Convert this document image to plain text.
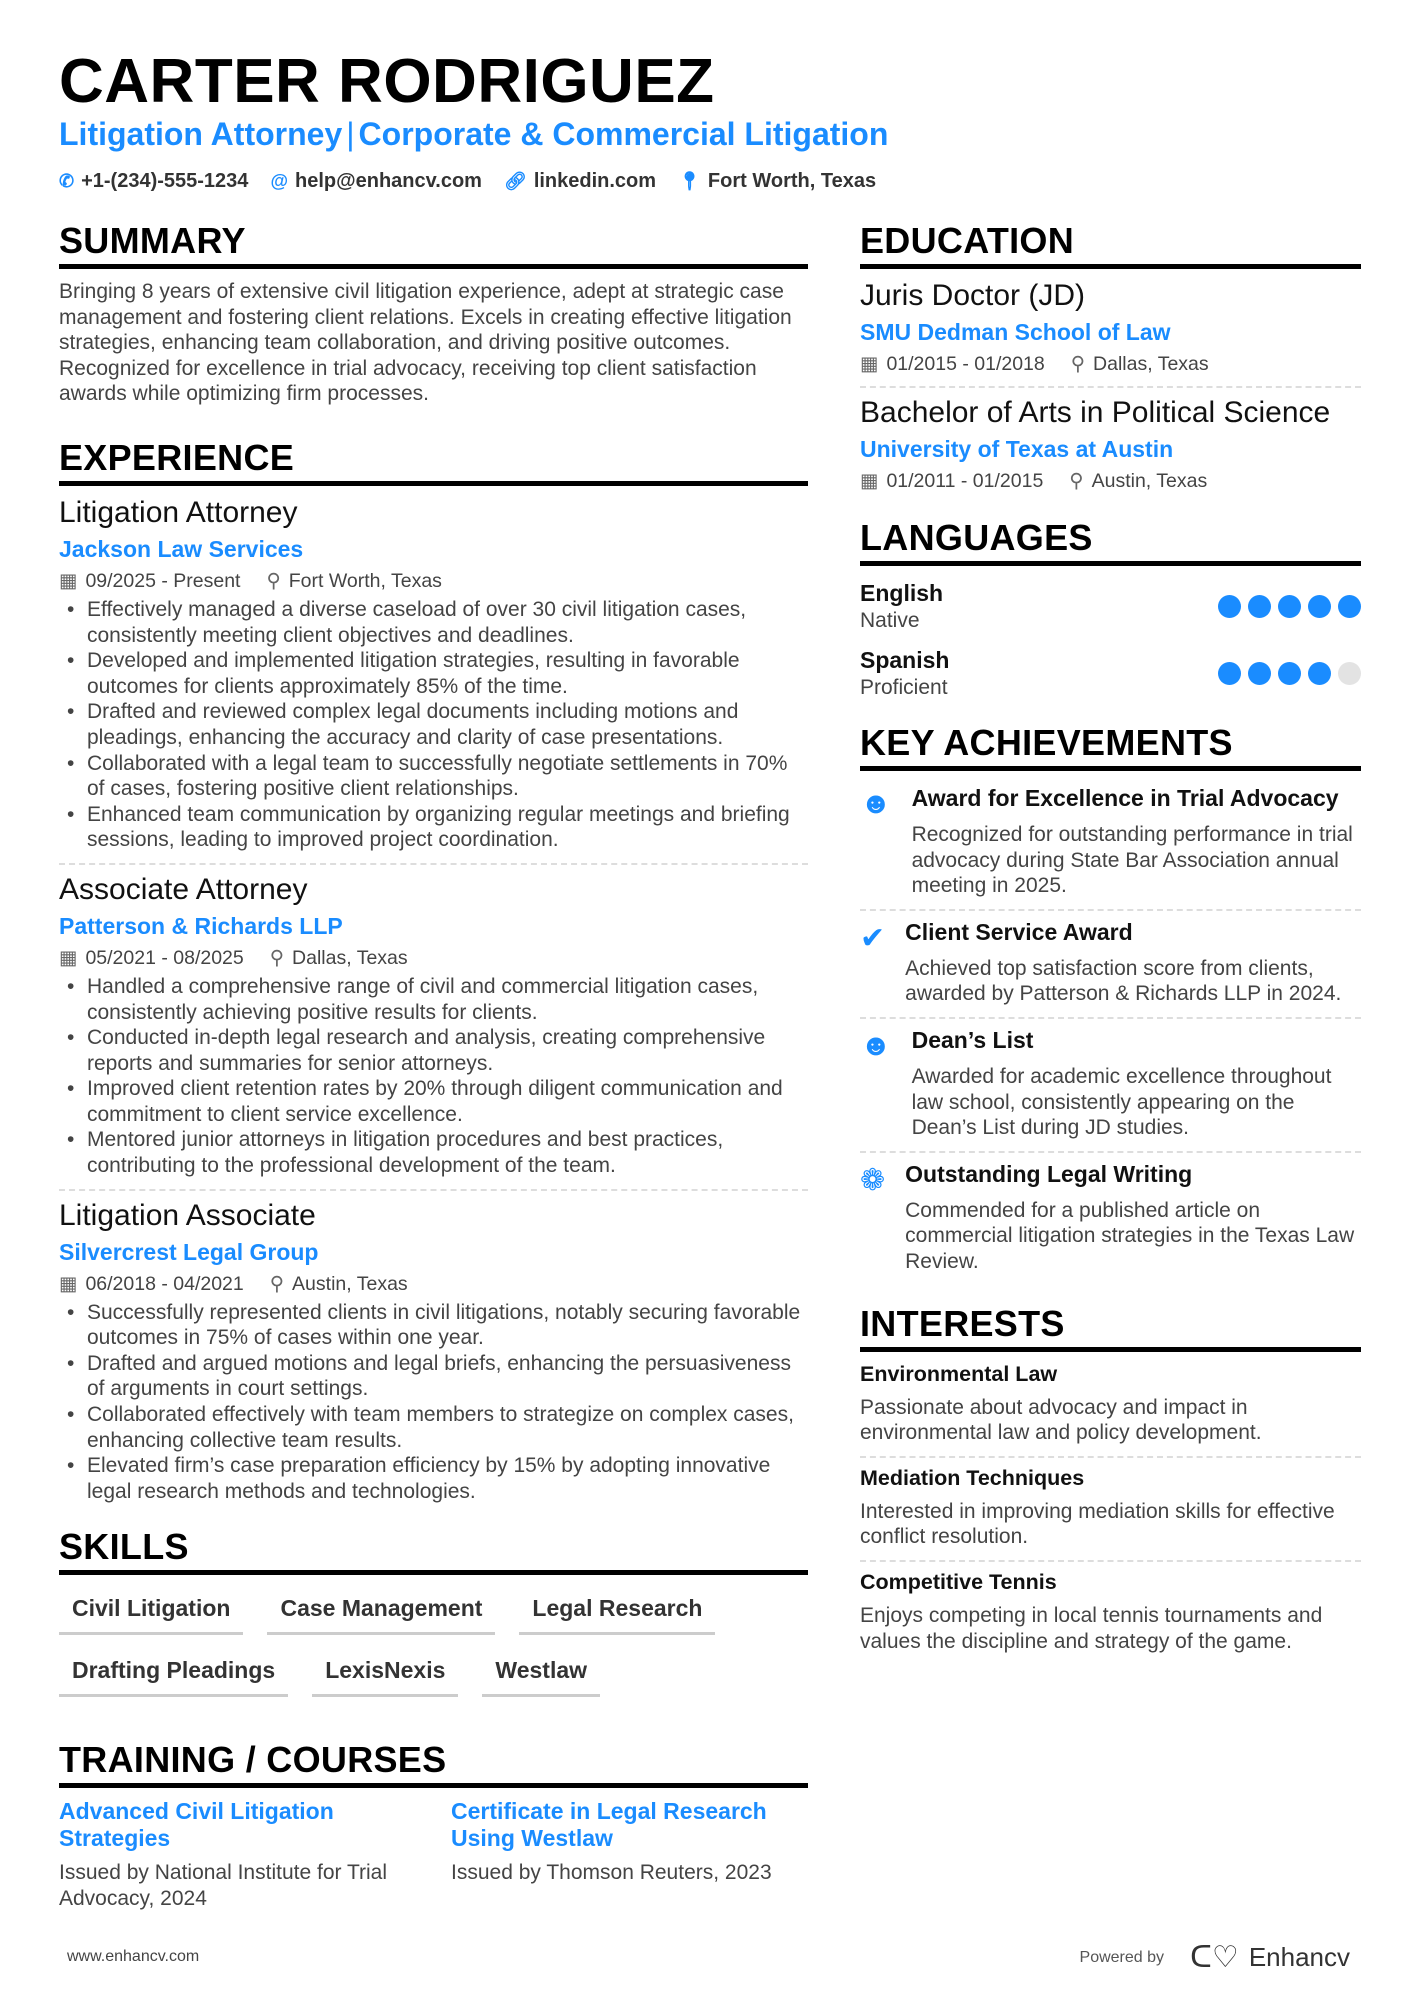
CARTER RODRIGUEZ
Litigation Attorney | Corporate & Commercial Litigation
✆ +1-(234)-555-1234 @ help@enhancv.com 🔗︎ linkedin.com 📍︎ Fort Worth, Texas
SUMMARY
Bringing 8 years of extensive civil litigation experience, adept at strategic case management and fostering client relations. Excels in creating effective litigation strategies, enhancing team collaboration, and driving positive outcomes. Recognized for excellence in trial advocacy, receiving top client satisfaction awards while optimizing firm processes.
EXPERIENCE
Litigation Attorney
Jackson Law Services
▦ 09/2025 - Present ⚲ Fort Worth, Texas
• Effectively managed a diverse caseload of over 30 civil litigation cases, consistently meeting client objectives and deadlines.
• Developed and implemented litigation strategies, resulting in favorable outcomes for clients approximately 85% of the time.
• Drafted and reviewed complex legal documents including motions and pleadings, enhancing the accuracy and clarity of case presentations.
• Collaborated with a legal team to successfully negotiate settlements in 70% of cases, fostering positive client relationships.
• Enhanced team communication by organizing regular meetings and briefing sessions, leading to improved project coordination.
Associate Attorney
Patterson & Richards LLP
▦ 05/2021 - 08/2025 ⚲ Dallas, Texas
• Handled a comprehensive range of civil and commercial litigation cases, consistently achieving positive results for clients.
• Conducted in-depth legal research and analysis, creating comprehensive reports and summaries for senior attorneys.
• Improved client retention rates by 20% through diligent communication and commitment to client service excellence.
• Mentored junior attorneys in litigation procedures and best practices, contributing to the professional development of the team.
Litigation Associate
Silvercrest Legal Group
▦ 06/2018 - 04/2021 ⚲ Austin, Texas
• Successfully represented clients in civil litigations, notably securing favorable outcomes in 75% of cases within one year.
• Drafted and argued motions and legal briefs, enhancing the persuasiveness of arguments in court settings.
• Collaborated effectively with team members to strategize on complex cases, enhancing collective team results.
• Elevated firm’s case preparation efficiency by 15% by adopting innovative legal research methods and technologies.
SKILLS
Civil Litigation	Case Management	Legal Research
Drafting Pleadings	LexisNexis	Westlaw
TRAINING / COURSES
Advanced Civil Litigation Strategies
Issued by National Institute for Trial Advocacy, 2024
Certificate in Legal Research Using Westlaw
Issued by Thomson Reuters, 2023
EDUCATION
Juris Doctor (JD)
SMU Dedman School of Law
▦ 01/2015 - 01/2018 ⚲ Dallas, Texas
Bachelor of Arts in Political Science
University of Texas at Austin
▦ 01/2011 - 01/2015 ⚲ Austin, Texas
LANGUAGES
English
Native
Spanish
Proficient
KEY ACHIEVEMENTS
☻ Award for Excellence in Trial Advocacy
Recognized for outstanding performance in trial advocacy during State Bar Association annual meeting in 2025.
✔ Client Service Award
Achieved top satisfaction score from clients, awarded by Patterson & Richards LLP in 2024.
☻ Dean’s List
Awarded for academic excellence throughout law school, consistently appearing on the Dean’s List during JD studies.
❁ Outstanding Legal Writing
Commended for a published article on commercial litigation strategies in the Texas Law Review.
INTERESTS
Environmental Law
Passionate about advocacy and impact in environmental law and policy development.
Mediation Techniques
Interested in improving mediation skills for effective conflict resolution.
Competitive Tennis
Enjoys competing in local tennis tournaments and values the discipline and strategy of the game.
www.enhancv.com	Powered by ᑕ♡ Enhancv
